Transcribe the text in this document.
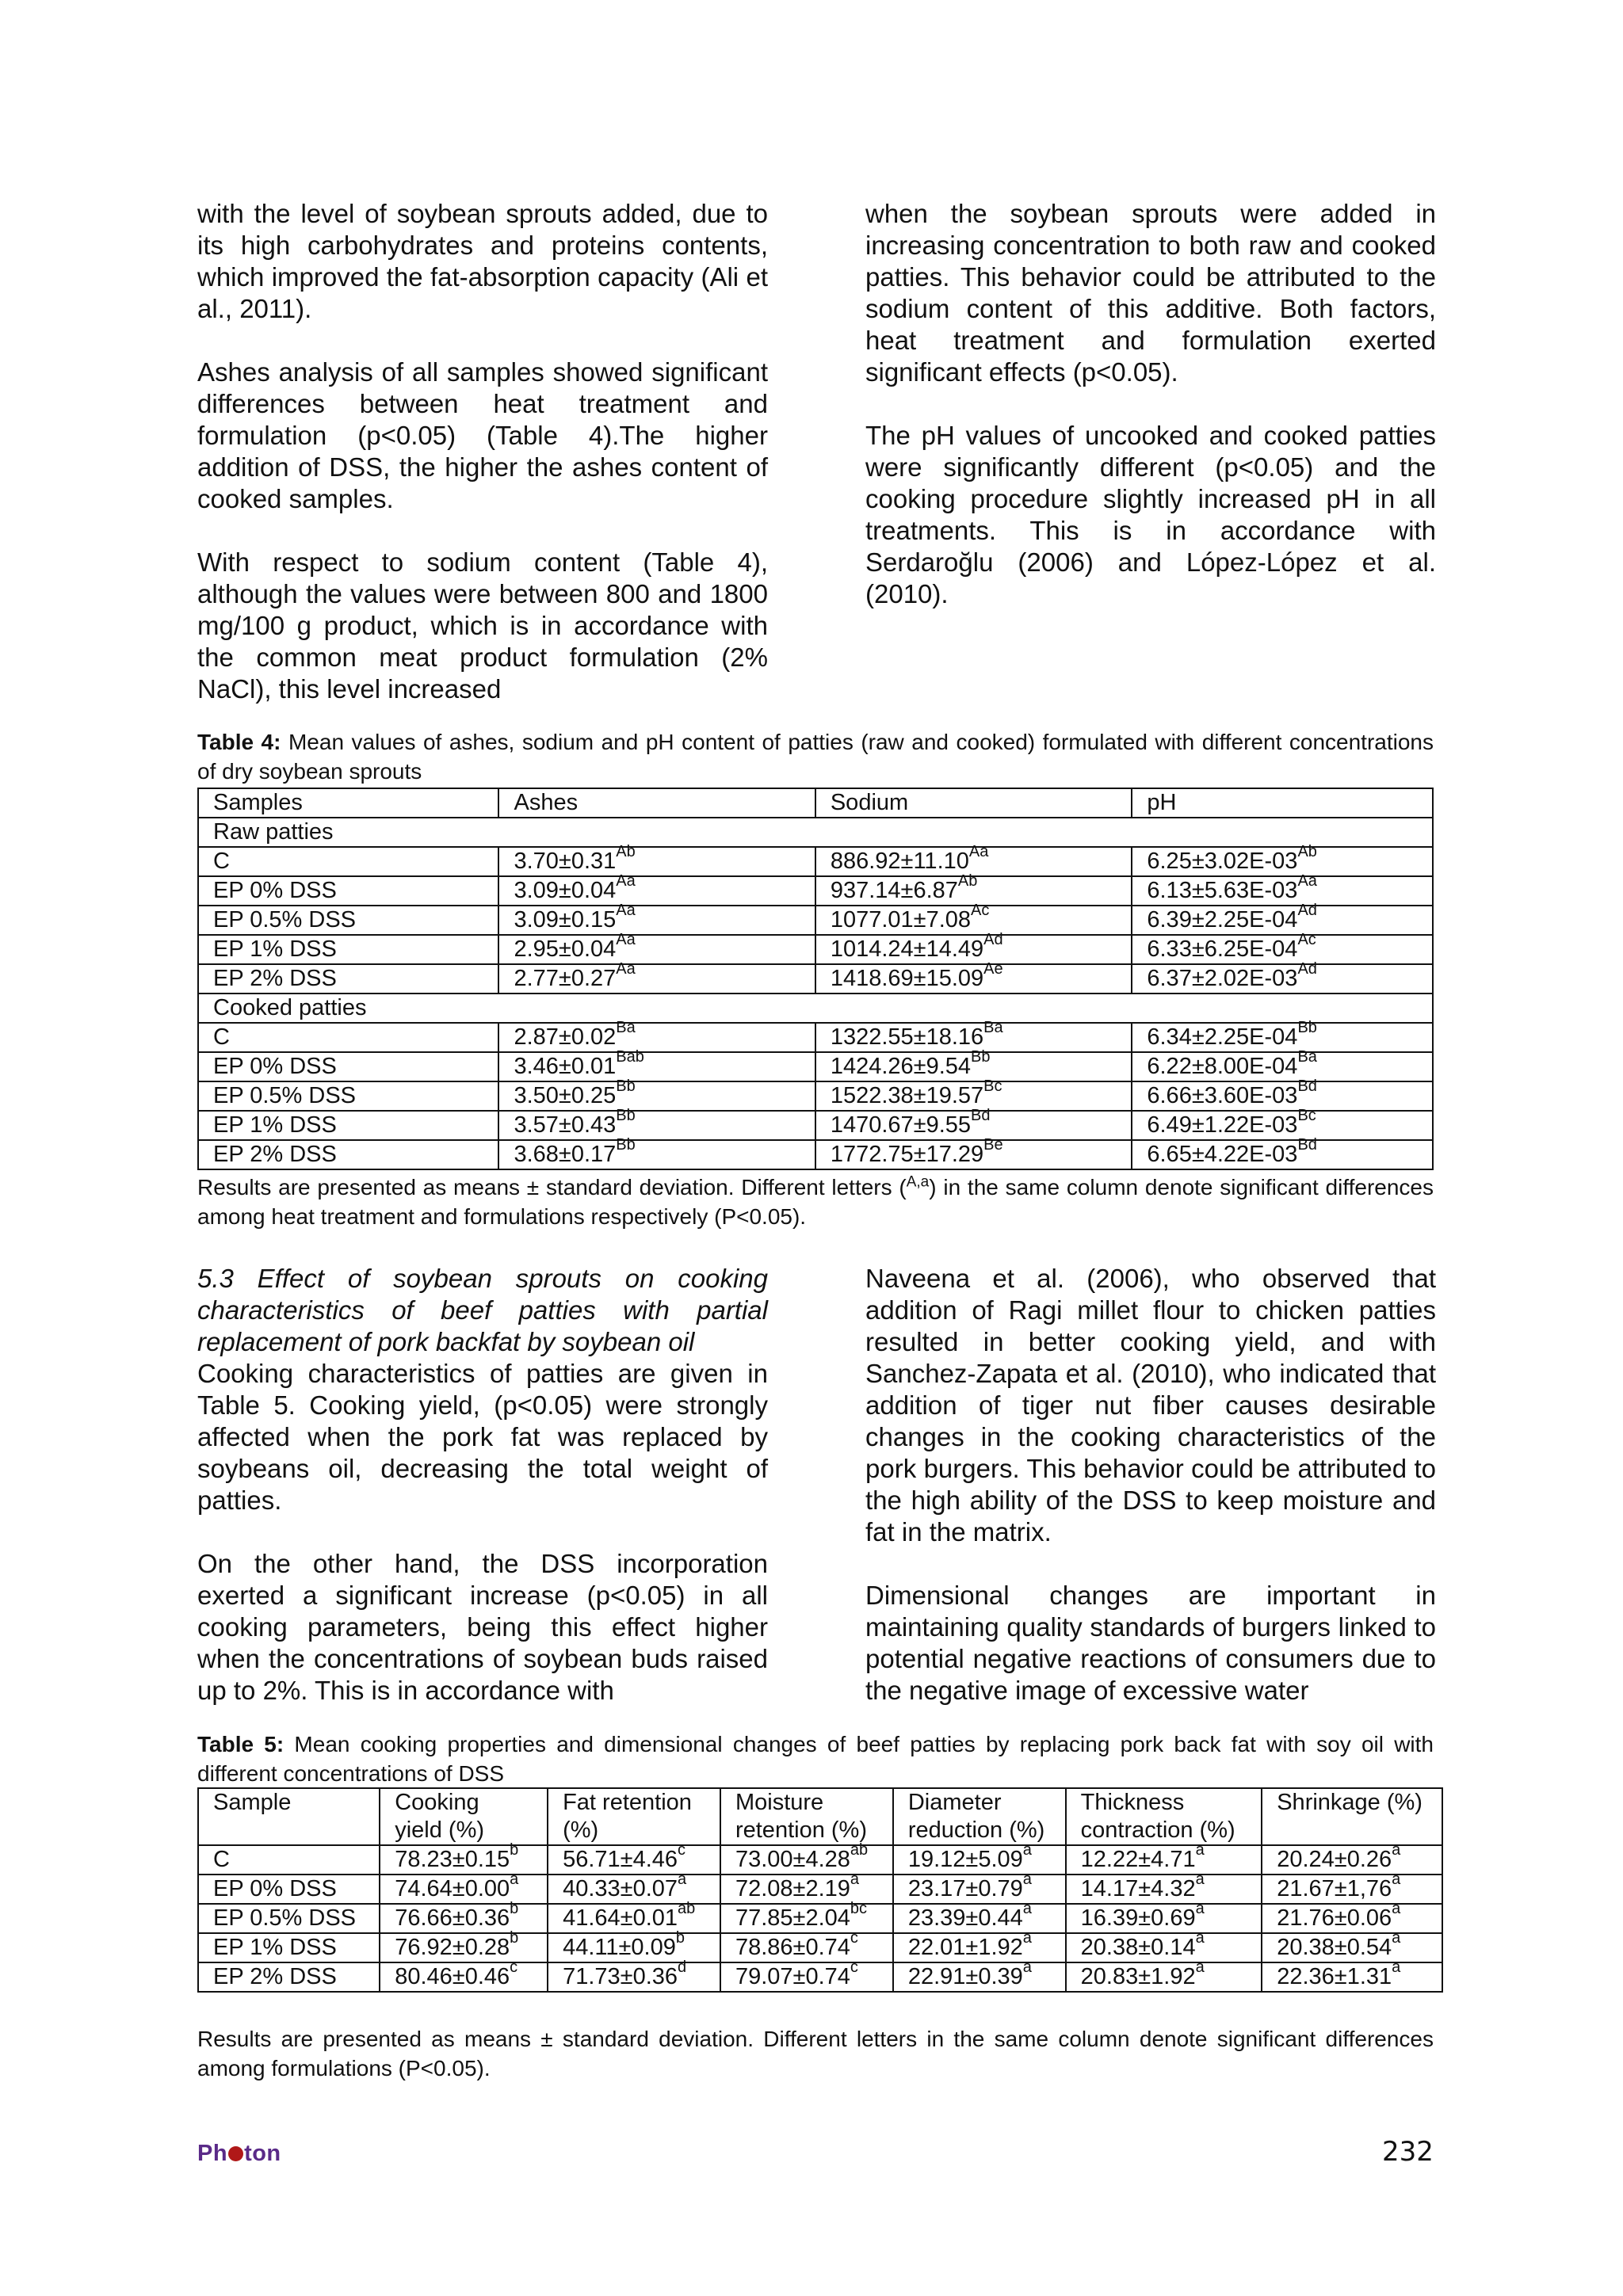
with the level of soybean sprouts added, due to its high carbohydrates and proteins contents, which improved the fat-absorption capacity (Ali et al., 2011).

Ashes analysis of all samples showed significant differences between heat treatment and formulation (p<0.05) (Table 4).The higher addition of DSS, the higher the ashes content of cooked samples.

With respect to sodium content (Table 4), although the values were between 800 and 1800 mg/100 g product, which is in accordance with the common meat product formulation (2% NaCl), this level increased

when the soybean sprouts were added in increasing concentration to both raw and cooked patties. This behavior could be attributed to the sodium content of this additive. Both factors, heat treatment and formulation exerted significant effects (p<0.05).

The pH values of uncooked and cooked patties were significantly different (p<0.05) and the cooking procedure slightly increased pH in all treatments. This is in accordance with Serdaroğlu (2006) and López-López et al. (2010).

Table 4: Mean values of ashes, sodium and pH content of patties (raw and cooked) formulated with different concentrations of dry soybean sprouts
Samples	Ashes	Sodium	pH
Raw patties			
C	$3.70\pm 0.31^{Ab}$	$886.92\pm 11.10^{Aa}$	$6.25\pm 3.02E-03^{Ab}$
EP 0% DSS	$3.09\pm 0.04^{Aa}$	$937.14\pm 6.87^{Ab}$	$6.13\pm 5.63E-03^{Aa}$
EP 0.5% DSS	$3.09\pm 0.15^{Aa}$	$1077.01\pm 7.08^{Ac}$	$6.39\pm 2.25E-04^{Ad}$
EP 1% DSS	$2.95\pm 0.04^{Aa}$	$1014.24\pm 14.49^{Ad}$	$6.33\pm 6.25E-04^{Ac}$
EP 2% DSS	$2.77\pm 0.27^{Aa}$	$1418.69\pm 15.09^{Ae}$	$6.37\pm 2.02E-03^{Ad}$
Cooked patties			
C	$2.87\pm 0.02^{Ba}$	$1322.55\pm 18.16^{Ba}$	$6.34\pm 2.25E-04^{Bb}$
EP 0% DSS	$3.46\pm 0.01^{Bab}$	$1424.26\pm 9.54^{Bb}$	$6.22\pm 8.00E-04^{Ba}$
EP 0.5% DSS	$3.50\pm 0.25^{Bb}$	$1522.38\pm 19.57^{Bc}$	$6.66\pm 3.60E-03^{Bd}$
EP 1% DSS	$3.57\pm 0.43^{Bb}$	$1470.67\pm 9.55^{Bd}$	$6.49\pm 1.22E-03^{Bc}$
EP 2% DSS	$3.68\pm 0.17^{Bb}$	$1772.75\pm 17.29^{Be}$	$6.65\pm 4.22E-03^{Bd}$
Results are presented as means ± standard deviation. Different letters ($^{A,a}$) in the same column denote significant differences among heat treatment and formulations respectively (P<0.05).
5.3 Effect of soybean sprouts on cooking characteristics of beef patties with partial replacement of pork backfat by soybean oil

Cooking characteristics of patties are given in Table 5. Cooking yield, (p<0.05) were strongly affected when the pork fat was replaced by soybeans oil, decreasing the total weight of patties.

On the other hand, the DSS incorporation exerted a significant increase (p<0.05) in all cooking parameters, being this effect higher when the concentrations of soybean buds raised up to 2%. This is in accordance with

Naveena et al. (2006), who observed that addition of Ragi millet flour to chicken patties resulted in better cooking yield, and with Sanchez-Zapata et al. (2010), who indicated that addition of tiger nut fiber causes desirable changes in the cooking characteristics of the pork burgers. This behavior could be attributed to the high ability of the DSS to keep moisture and fat in the matrix.

Dimensional changes are important in maintaining quality standards of burgers linked to potential negative reactions of consumers due to the negative image of excessive water

Table 5: Mean cooking properties and dimensional changes of beef patties by replacing pork back fat with soy oil with different concentrations of DSS
Sample	Cooking yield (%)	Fat retention (%)	Moisture retention (%)	Diameter reduction (%)	Thickness contraction (%)	Shrinkage (%)
C	78.23±0.15$^b$	56.71±4.46$^c$	73.00±4.28$^{ab}$	19.12±5.09$^a$	12.22±4.71$^a$	20.24±0.26$^a$
EP 0% DSS	74.64±0.00$^a$	40.33±0.07$^a$	72.08±2.19$^a$	23.17±0.79$^a$	14.17±4.32$^a$	21.67±1,76$^a$
EP 0.5% DSS	76.66±0.36$^b$	41.64±0.01$^{ab}$	77.85±2.04$^{bc}$	23.39±0.44$^a$	16.39±0.69$^a$	21.76±0.06$^a$
EP 1% DSS	76.92±0.28$^b$	44.11±0.09$^b$	78.86±0.74$^c$	22.01±1.92$^a$	20.38±0.14$^a$	20.38±0.54$^a$
EP 2% DSS	80.46±0.46$^c$	71.73±0.36$^d$	79.07±0.74$^c$	22.91±0.39$^a$	20.83±1.92$^a$	22.36±1.31$^a$
Results are presented as means ± standard deviation. Different letters in the same column denote significant differences among formulations (P<0.05).
Ph ton	232
